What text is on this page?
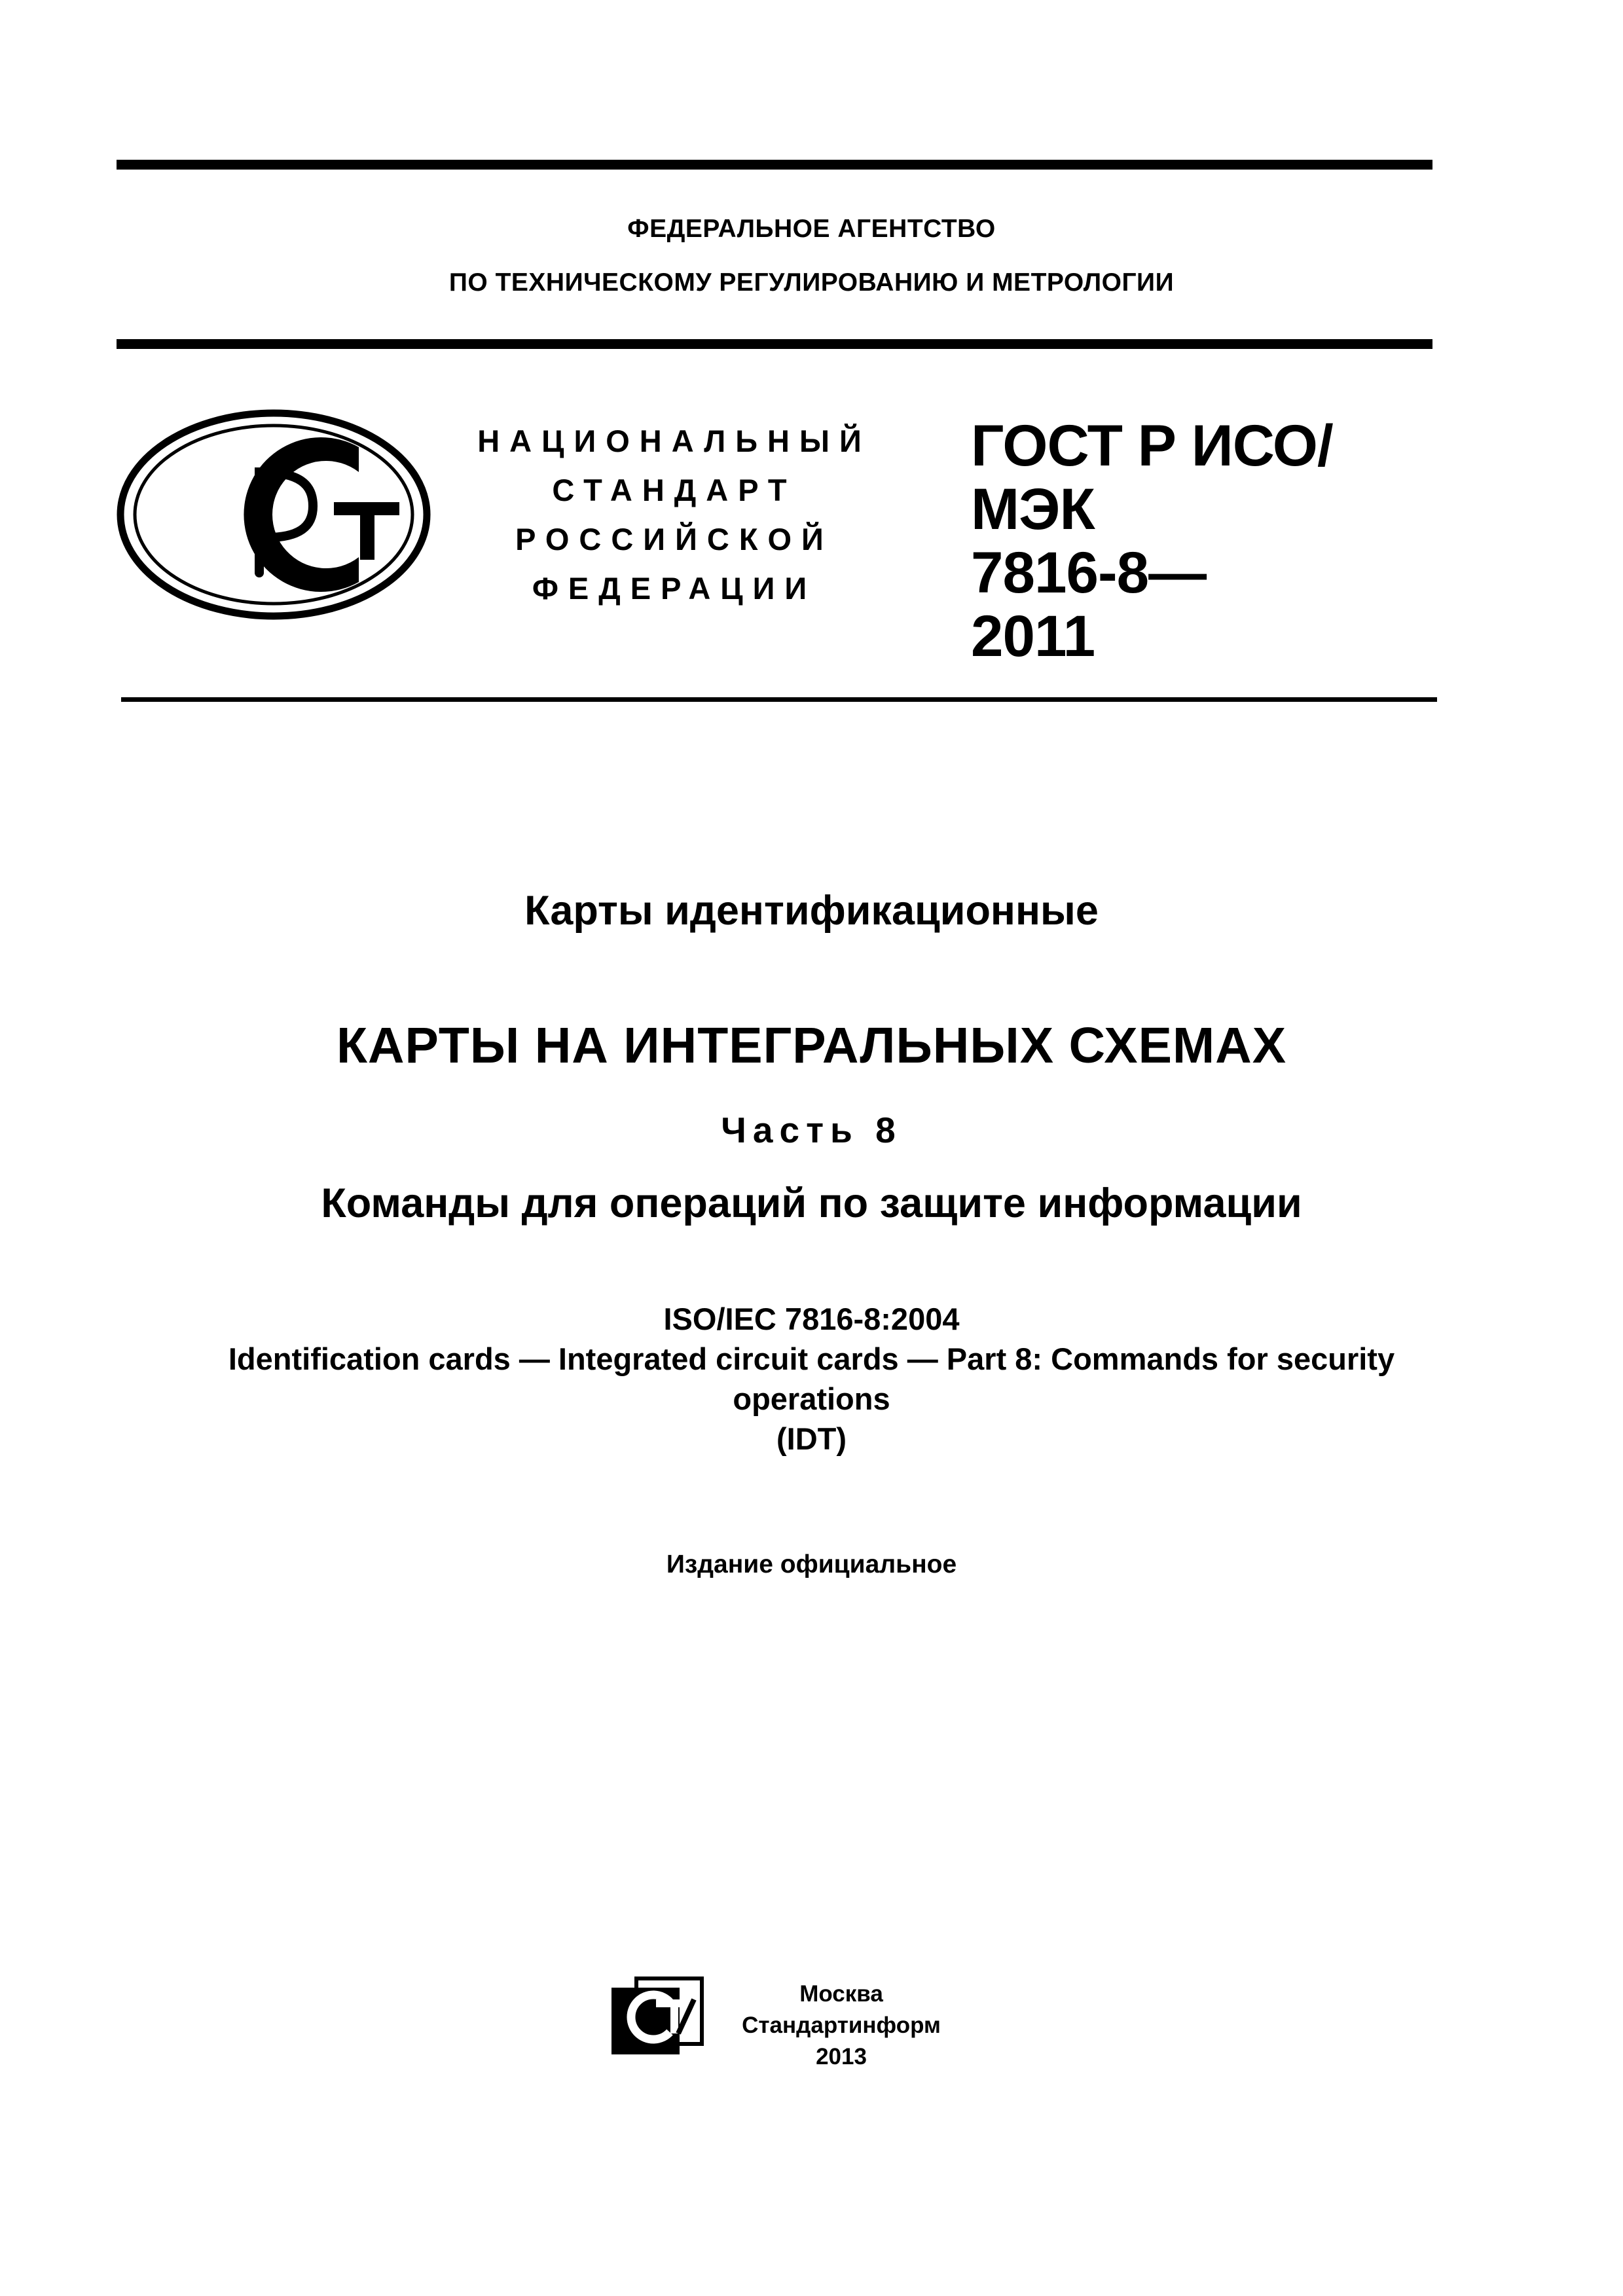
ФЕДЕРАЛЬНОЕ АГЕНТСТВО
ПО ТЕХНИЧЕСКОМУ РЕГУЛИРОВАНИЮ И МЕТРОЛОГИИ
НАЦИОНАЛЬНЫЙ
СТАНДАРТ
РОССИЙСКОЙ
ФЕДЕРАЦИИ
ГОСТ Р ИСО/МЭК
7816-8—
2011
Карты идентификационные
КАРТЫ НА ИНТЕГРАЛЬНЫХ СХЕМАХ
Часть 8
Команды для операций по защите информации
ISO/IEC 7816-8:2004
Identification cards — Integrated circuit cards — Part 8: Commands for security
operations
(IDT)
Издание официальное
Москва
Стандартинформ
2013
